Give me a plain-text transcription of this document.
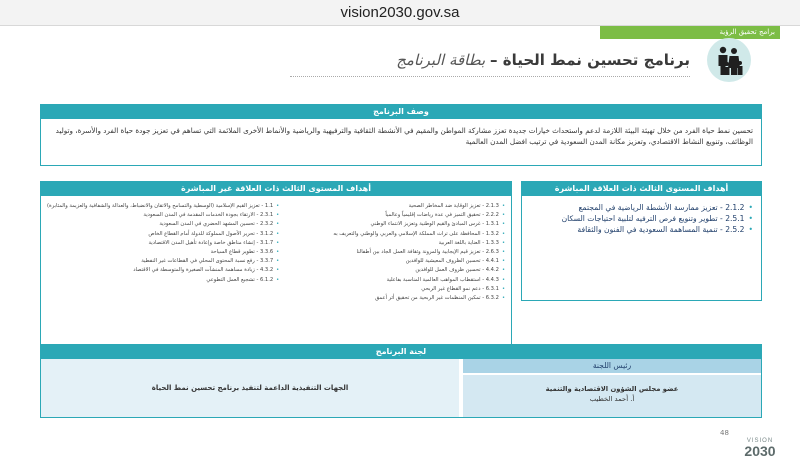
vision2030.gov.sa
برامج تحقيق الرؤية
برنامج تحسين نمط الحياة – بطاقة البرنامج
وصف البرنامج
تحسين نمط حياة الفرد من خلال تهيئة البيئة اللازمة لدعم واستحداث خيارات جديدة تعزز مشاركة المواطن والمقيم في الأنشطة الثقافية والترفيهية والرياضية والأنماط الأخرى الملائمة التي تساهم في تعزيز جودة حياة الفرد والأسرة، وتوليد الوظائف، وتنويع النشاط الاقتصادي، وتعزيز مكانة المدن السعودية في ترتيب افضل المدن العالمية
أهداف المستوى الثالث ذات العلاقة المباشرة
• 2.1.2 - تعزيز ممارسة الأنشطة الرياضية في المجتمع
• 2.5.1 - تطوير وتنويع فرص الترفيه لتلبية احتياجات السكان
• 2.5.2 - تنمية المساهمة السعودية في الفنون والثقافة
أهداف المستوى الثالث ذات العلاقة غير المباشرة
• 2.1.3 - تعزيز الوقاية ضد المخاطر الصحية
• 2.2.2 - تحقيق التميز في عدة رياضات إقليمياً وعالمياً
• 1.3.1 - غرس المبادئ والقيم الوطنية وتعزيز الانتماء الوطني
• 1.3.2 - المحافظة على تراث المملكة الإسلامي والعربي والوطني والتعريف به
• 1.3.3 - العناية باللغة العربية
• 2.6.3 - تعزيز قيم الإيجابية والمرونة وثقافة العمل الجاد بين أطفالنا
• 4.4.1 - تحسين الظروف المعيشية للوافدين
• 4.4.2 - تحسين ظروف العمل للوافدين
• 4.4.3 - استقطاب المواهب العالمية المناسبة بفاعلية
• 6.3.1 - دعم نمو القطاع غير الربحي
• 6.3.2 - تمكين المنظمات غير الربحية من تحقيق أثر أعمق
• 1.1 - تعزيز القيم الإسلامية (الوسطية والتسامح والاتقان والانضباط، والعدالة والشفافية والعزيمة والمثابرة)
• 2.3.1 - الارتقاء بجودة الخدمات المقدمة في المدن السعودية
• 2.3.2 - تحسين المشهد الحضري في المدن السعودية
• 3.1.2 - تحرير الأصول المملوكة للدولة أمام القطاع الخاص
• 3.1.7 - إنشاء مناطق خاصة وإعادة تأهيل المدن الاقتصادية
• 3.3.6 - تطوير قطاع السياحة
• 3.3.7 - رفع نسبة المحتوى المحلي في القطاعات غير النفطية
• 4.3.2 - زيادة مساهمة المنشآت الصغيرة والمتوسطة في الاقتصاد
• 6.1.2 - تشجيع العمل التطوعي
لجنة البرنامج
الجهات التنفيذية الداعمة لتنفيذ برنامج تحسين نمط الحياة
رئيس اللجنة
عضو مجلس الشؤون الاقتصادية والتنمية
أ. أحمد الخطيب
48
VISION
2030
